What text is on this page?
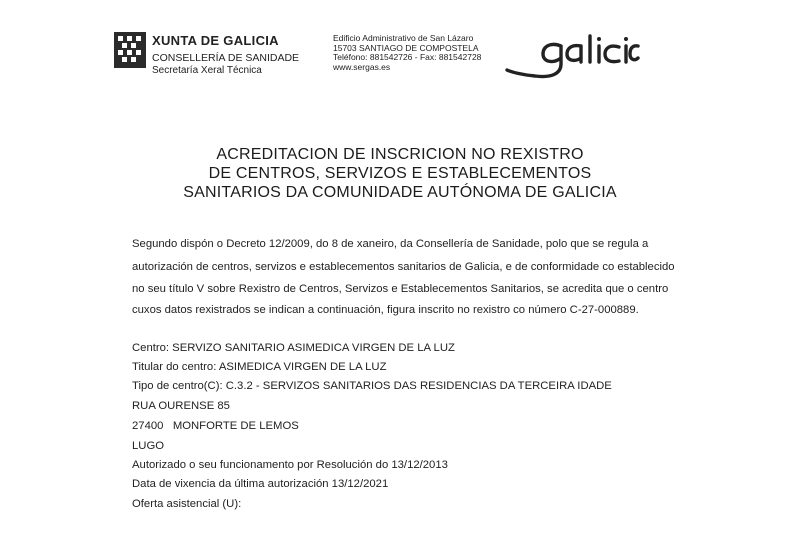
XUNTA DE GALICIA
CONSELLERÍA DE SANIDADE
Secretaría Xeral Técnica
Edificio Administrativo de San Lázaro
15703 SANTIAGO DE COMPOSTELA
Teléfono: 881542726 - Fax: 881542728
www.sergas.es
ACREDITACION DE INSCRICION NO REXISTRO
DE CENTROS, SERVIZOS E ESTABLECEMENTOS
SANITARIOS DA COMUNIDADE AUTÓNOMA DE GALICIA
Segundo dispón o Decreto 12/2009, do 8 de xaneiro, da Consellería de Sanidade, polo que se regula a
autorización de centros, servizos e establecementos sanitarios de Galicia, e de conformidade co establecido
no seu título V sobre Rexistro de Centros, Servizos e Establecementos Sanitarios, se acredita que o centro
cuxos datos rexistrados se indican a continuación, figura inscrito no rexistro co número C-27-000889.
Centro: SERVIZO SANITARIO ASIMEDICA VIRGEN DE LA LUZ
Titular do centro: ASIMEDICA VIRGEN DE LA LUZ
Tipo de centro(C): C.3.2 - SERVIZOS SANITARIOS DAS RESIDENCIAS DA TERCEIRA IDADE
RUA OURENSE 85
27400   MONFORTE DE LEMOS
LUGO
Autorizado o seu funcionamento por Resolución do 13/12/2013
Data de vixencia da última autorización 13/12/2021
Oferta asistencial (U):
